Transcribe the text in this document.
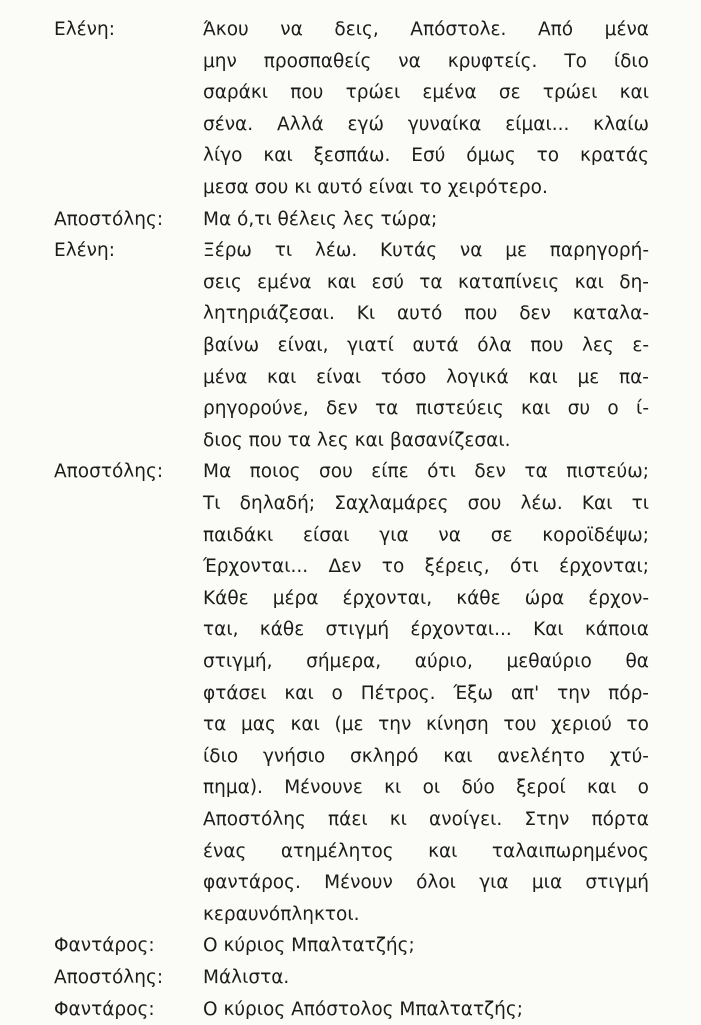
Ελένη:	Άκου να δεις, Απόστολε. Από μένα
μην προσπαθείς να κρυφτείς. Το ίδιο
σαράκι που τρώει εμένα σε τρώει και
σένα. Αλλά εγώ γυναίκα είμαι... κλαίω
λίγο και ξεσπάω. Εσύ όμως το κρατάς
μεσα σου κι αυτό είναι το χειρότερο.
Αποστόλης: Μα ό,τι θέλεις λες τώρα;
Ελένη:	Ξέρω τι λέω. Κυτάς να με παρηγορή-
σεις εμένα και εσύ τα καταπίνεις και δη-
λητηριάζεσαι. Κι αυτό που δεν καταλα-
βαίνω είναι, γιατί αυτά όλα που λες ε-
μένα και είναι τόσο λογικά και με πα-
ρηγορούνε, δεν τα πιστεύεις και συ ο ί-
διος που τα λες και βασανίζεσαι.
Αποστόλης: Μα ποιος σου είπε ότι δεν τα πιστεύω;
Τι δηλαδή; Σαχλαμάρες σου λέω. Και τι
παιδάκι είσαι για να σε κοροϊδέψω;
Έρχονται... Δεν το ξέρεις, ότι έρχονται;
Κάθε μέρα έρχονται, κάθε ώρα έρχον-
ται, κάθε στιγμή έρχονται... Και κάποια
στιγμή, σήμερα, αύριο, μεθαύριο θα
φτάσει και ο Πέτρος. Έξω απ' την πόρ-
τα μας και (με την κίνηση του χεριού το
ίδιο γνήσιο σκληρό και ανελέητο χτύ-
πημα). Μένουνε κι οι δύο ξεροί και ο
Αποστόλης πάει κι ανοίγει. Στην πόρτα
ένας ατημέλητος και ταλαιπωρημένος
φαντάρος. Μένουν όλοι για μια στιγμή
κεραυνόπληκτοι.
Φαντάρος:	Ο κύριος Μπαλτατζής;
Αποστόλης: Μάλιστα.
Φαντάρος:	Ο κύριος Απόστολος Μπαλτατζής;
